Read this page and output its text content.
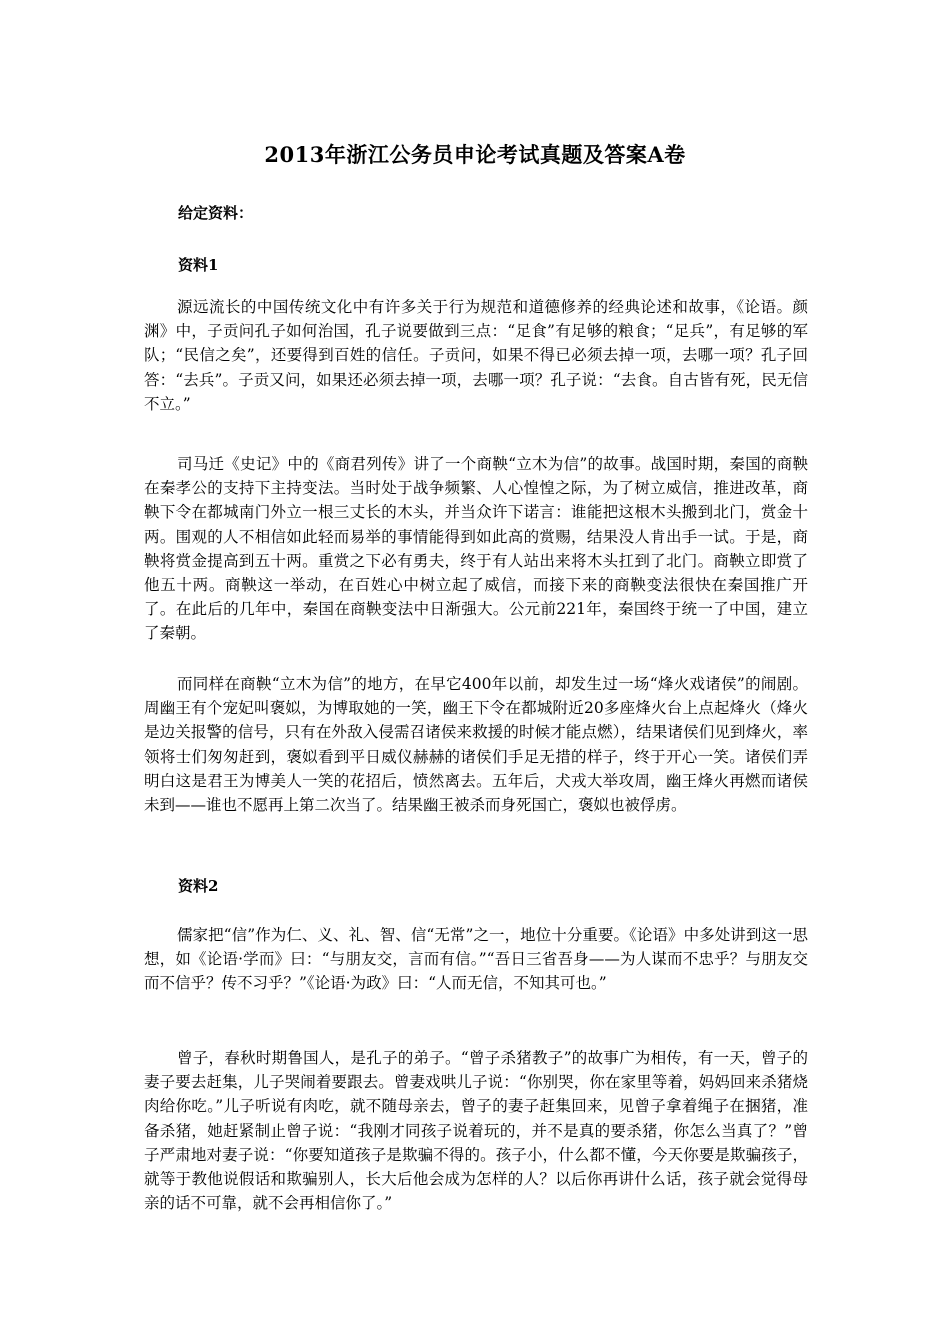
2013年浙江公务员申论考试真题及答案A卷

给定资料：

资料1

源远流长的中国传统文化中有许多关于行为规范和道德修养的经典论述和故事，《论语。颜渊》中，子贡问孔子如何治国，孔子说要做到三点：“足食”有足够的粮食；“足兵”，有足够的军队；“民信之矣”，还要得到百姓的信任。子贡问，如果不得已必须去掉一项，去哪一项？孔子回答：“去兵”。子贡又问，如果还必须去掉一项，去哪一项？孔子说：“去食。自古皆有死，民无信不立。”

司马迁《史记》中的《商君列传》讲了一个商鞅“立木为信”的故事。战国时期，秦国的商鞅在秦孝公的支持下主持变法。当时处于战争频繁、人心惶惶之际，为了树立威信，推进改革，商鞅下令在都城南门外立一根三丈长的木头，并当众许下诺言：谁能把这根木头搬到北门，赏金十两。围观的人不相信如此轻而易举的事情能得到如此高的赏赐，结果没人肯出手一试。于是，商鞅将赏金提高到五十两。重赏之下必有勇夫，终于有人站出来将木头扛到了北门。商鞅立即赏了他五十两。商鞅这一举动，在百姓心中树立起了威信，而接下来的商鞅变法很快在秦国推广开了。在此后的几年中，秦国在商鞅变法中日渐强大。公元前221年，秦国终于统一了中国，建立了秦朝。

而同样在商鞅“立木为信”的地方，在早它400年以前，却发生过一场“烽火戏诸侯”的闹剧。周幽王有个宠妃叫褒姒，为博取她的一笑，幽王下令在都城附近20多座烽火台上点起烽火（烽火是边关报警的信号，只有在外敌入侵需召诸侯来救援的时候才能点燃），结果诸侯们见到烽火，率领将士们匆匆赶到，褒姒看到平日威仪赫赫的诸侯们手足无措的样子，终于开心一笑。诸侯们弄明白这是君王为博美人一笑的花招后，愤然离去。五年后，犬戎大举攻周，幽王烽火再燃而诸侯未到——谁也不愿再上第二次当了。结果幽王被杀而身死国亡，褒姒也被俘虏。

资料2

儒家把“信”作为仁、义、礼、智、信“无常”之一，地位十分重要。《论语》中多处讲到这一思想，如《论语·学而》曰：“与朋友交，言而有信。”“吾日三省吾身——为人谋而不忠乎？与朋友交而不信乎？传不习乎？”《论语·为政》曰：“人而无信，不知其可也。”

曾子，春秋时期鲁国人，是孔子的弟子。“曾子杀猪教子”的故事广为相传，有一天，曾子的妻子要去赶集，儿子哭闹着要跟去。曾妻戏哄儿子说：“你别哭，你在家里等着，妈妈回来杀猪烧肉给你吃。”儿子听说有肉吃，就不随母亲去，曾子的妻子赶集回来，见曾子拿着绳子在捆猪，准备杀猪，她赶紧制止曾子说：“我刚才同孩子说着玩的，并不是真的要杀猪，你怎么当真了？”曾子严肃地对妻子说：“你要知道孩子是欺骗不得的。孩子小，什么都不懂，今天你要是欺骗孩子，就等于教他说假话和欺骗别人，长大后他会成为怎样的人？以后你再讲什么话，孩子就会觉得母亲的话不可靠，就不会再相信你了。”
